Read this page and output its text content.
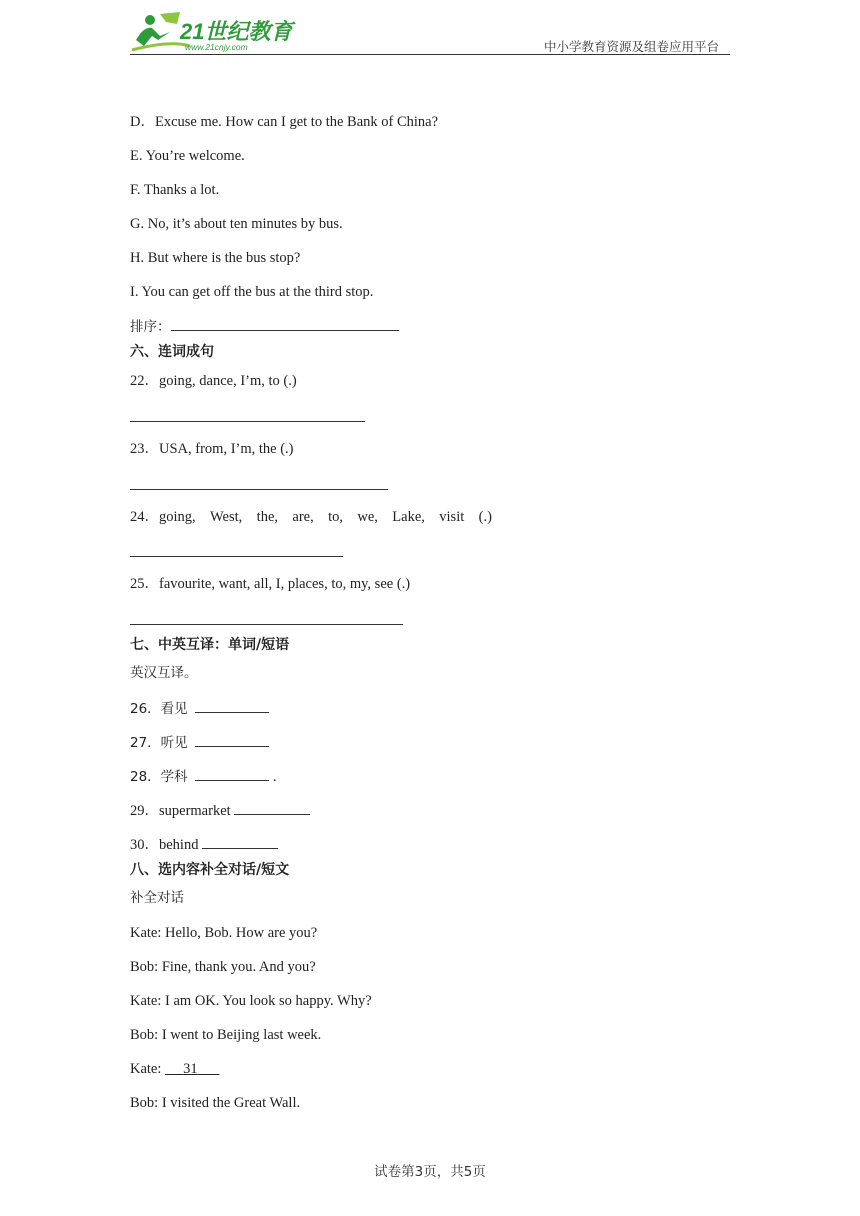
21世纪教育
www.21cnjy.com	中小学教育资源及组卷应用平台
D．Excuse me. How can I get to the Bank of China?
E. You’re welcome.
F. Thanks a lot.
G. No, it’s about ten minutes by bus.
H. But where is the bus stop?
I. You can get off the bus at the third stop.
排序：
六、连词成句
22．going, dance, I’m, to (.)
23．USA, from, I’m, the (.)
24．going, West, the, are, to, we, Lake, visit (.)
25．favourite, want, all, I, places, to, my, see (.)
七、中英互译：单词/短语
英汉互译。
26．看见
27．听见
28．学科	.
29．supermarket
30．behind
八、选内容补全对话/短文
补全对话
Kate: Hello, Bob. How are you?
Bob: Fine, thank you. And you?
Kate: I am OK. You look so happy. Why?
Bob: I went to Beijing last week.
Kate: 31
Bob: I visited the Great Wall.
试卷第3页，共5页
